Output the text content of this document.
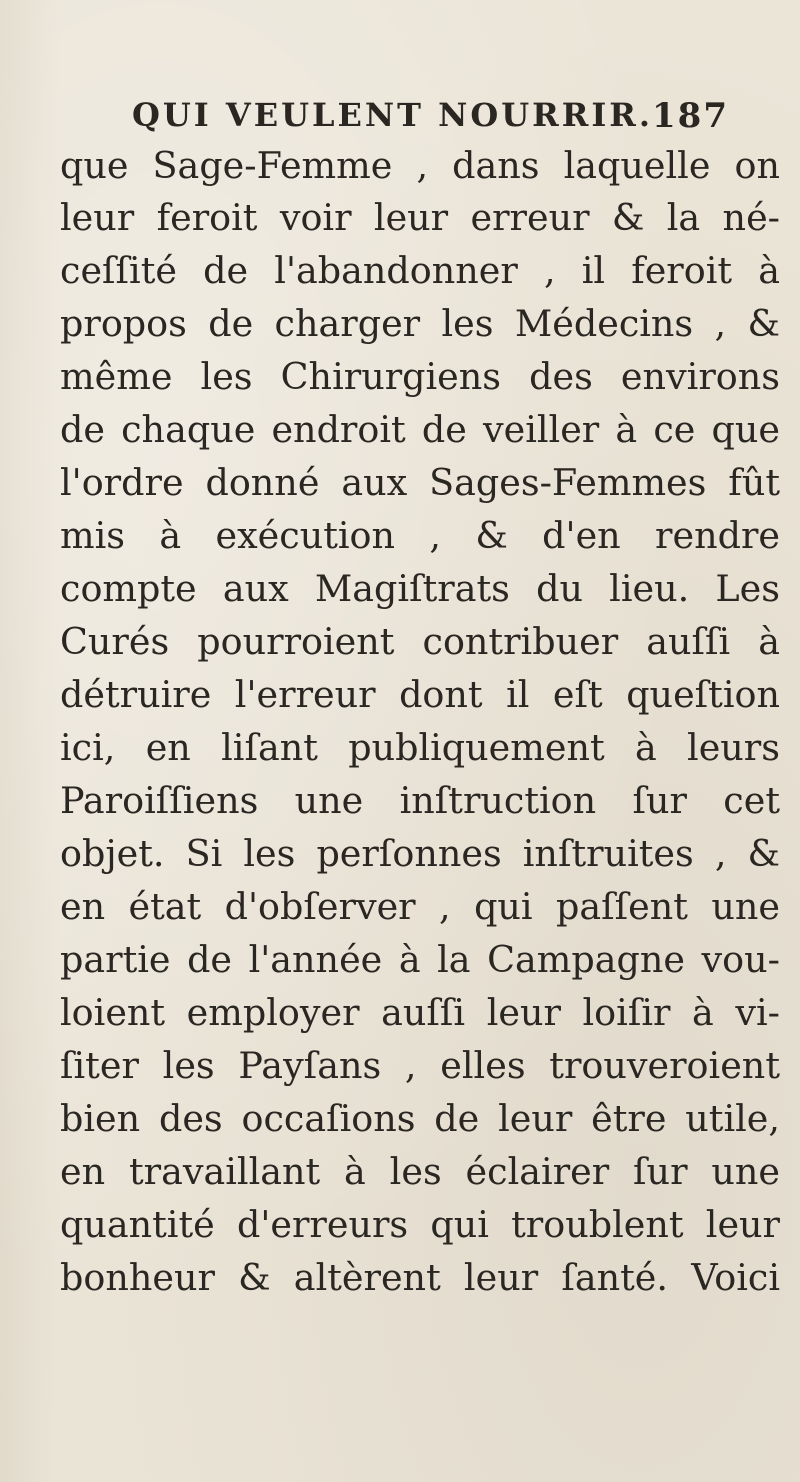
QUI VEULENT NOURRIR.
187
que Sage-Femme , dans laquelle on
leur feroit voir leur erreur & la né-
ceſſité de l'abandonner , il feroit à
propos de charger les Médecins , &
même les Chirurgiens des environs
de chaque endroit de veiller à ce que
l'ordre donné aux Sages-Femmes fût
mis à exécution , & d'en rendre
compte aux Magiſtrats du lieu. Les
Curés pourroient contribuer auſſi à
détruire l'erreur dont il eſt queſtion
ici, en liſant publiquement à leurs
Paroiſſiens une inſtruction ſur cet
objet. Si les perſonnes inſtruites , &
en état d'obſerver , qui paſſent une
partie de l'année à la Campagne vou-
loient employer auſſi leur loiſir à vi-
ſiter les Payſans , elles trouveroient
bien des occaſions de leur être utile,
en travaillant à les éclairer ſur une
quantité d'erreurs qui troublent leur
bonheur & altèrent leur ſanté. Voici
